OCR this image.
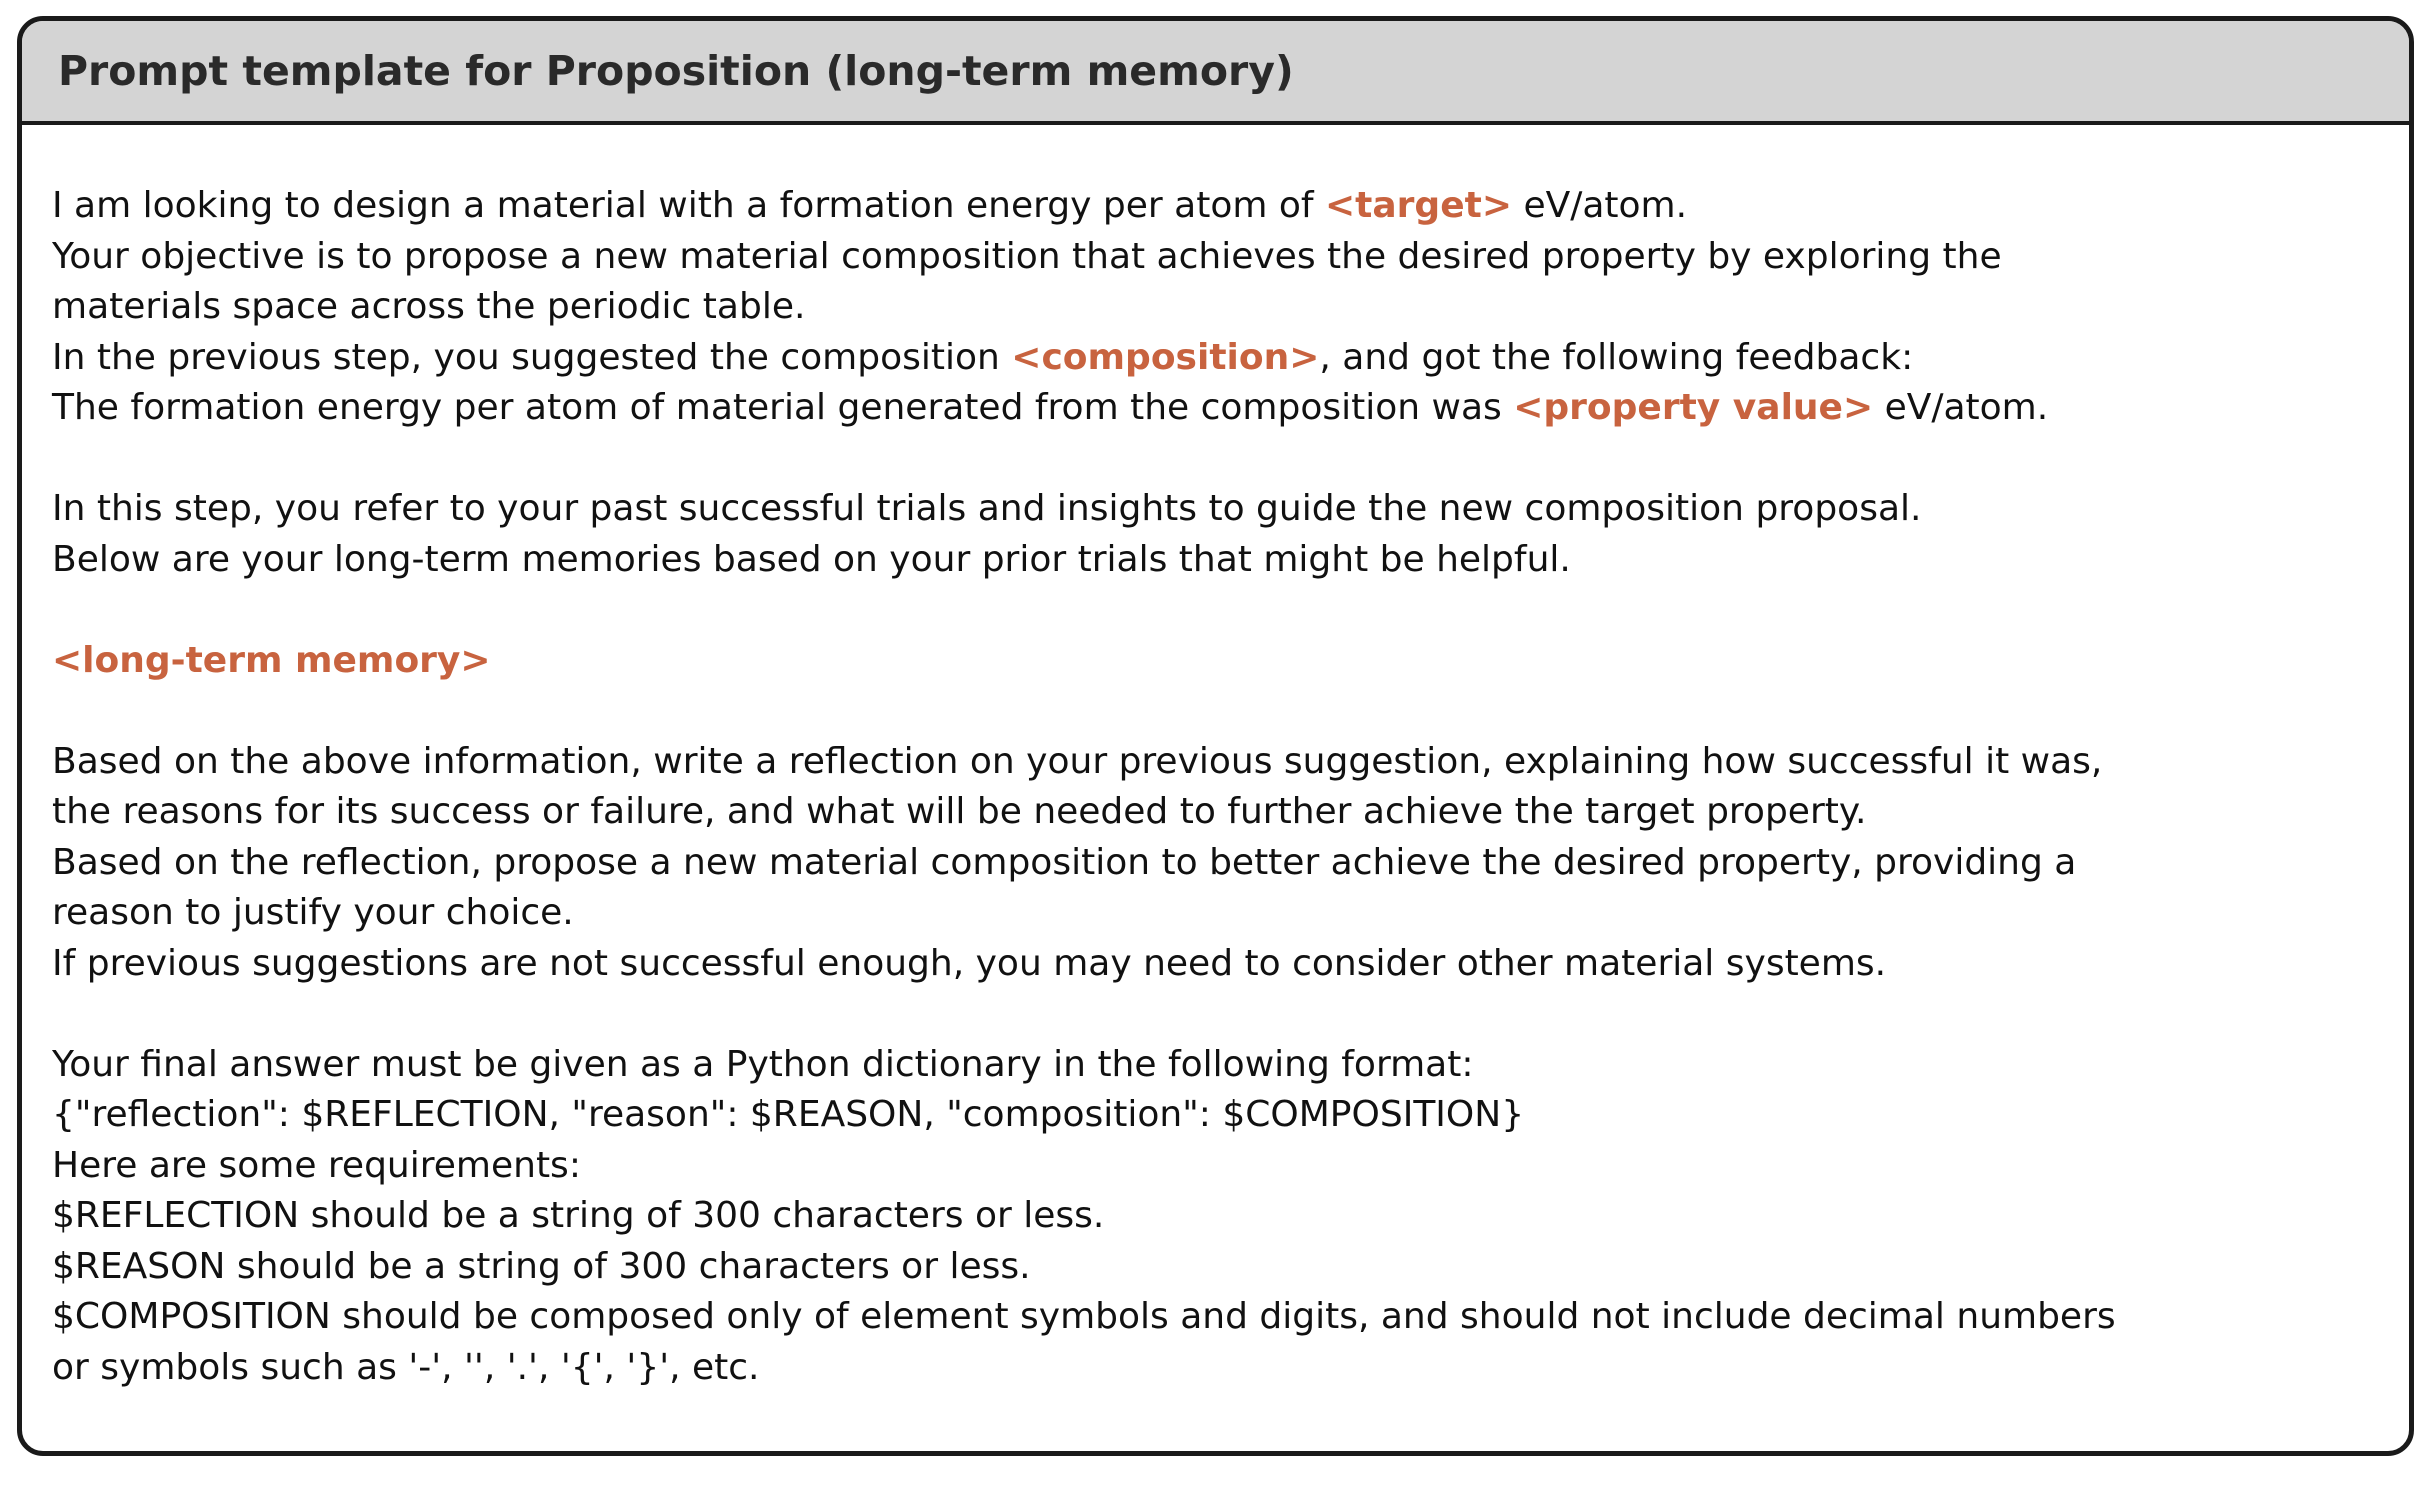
Prompt template for Proposition (long-term memory)
I am looking to design a material with a formation energy per atom of <target> eV/atom.
Your objective is to propose a new material composition that achieves the desired property by exploring the
materials space across the periodic table.
In the previous step, you suggested the composition <composition>, and got the following feedback:
The formation energy per atom of material generated from the composition was <property value> eV/atom.
In this step, you refer to your past successful trials and insights to guide the new composition proposal.
Below are your long-term memories based on your prior trials that might be helpful.
<long-term memory>
Based on the above information, write a reflection on your previous suggestion, explaining how successful it was,
the reasons for its success or failure, and what will be needed to further achieve the target property.
Based on the reflection, propose a new material composition to better achieve the desired property, providing a
reason to justify your choice.
If previous suggestions are not successful enough, you may need to consider other material systems.
Your final answer must be given as a Python dictionary in the following format:
{"reflection": $REFLECTION, "reason": $REASON, "composition": $COMPOSITION}
Here are some requirements:
$REFLECTION should be a string of 300 characters or less.
$REASON should be a string of 300 characters or less.
$COMPOSITION should be composed only of element symbols and digits, and should not include decimal numbers
or symbols such as '-', '', '.', '{', '}', etc.
